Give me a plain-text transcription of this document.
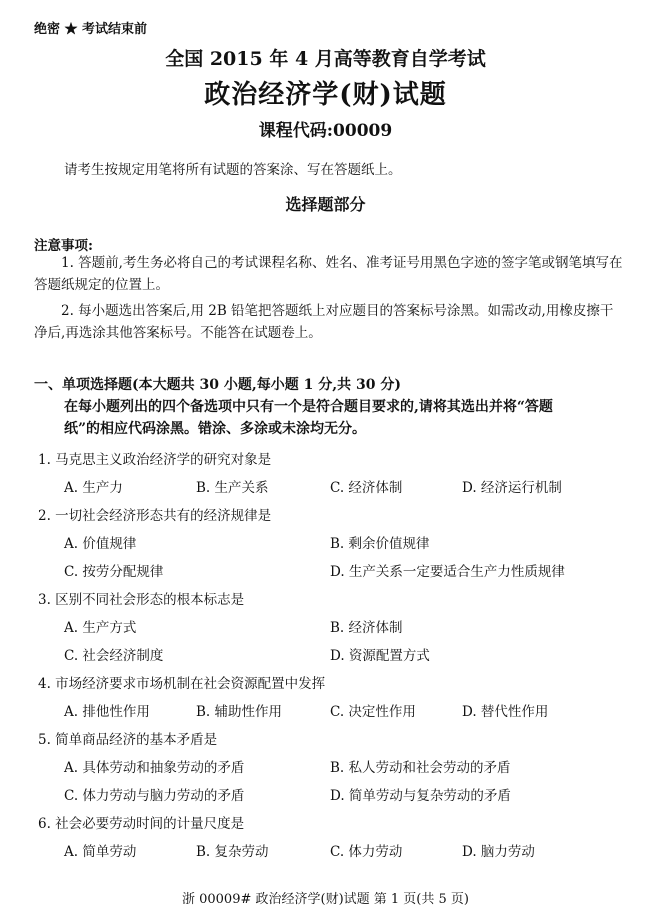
绝密 ★ 考试结束前
全国 2015 年 4 月高等教育自学考试
政治经济学(财)试题
课程代码:00009
请考生按规定用笔将所有试题的答案涂、写在答题纸上。
选择题部分
注意事项:
1. 答题前,考生务必将自己的考试课程名称、姓名、准考证号用黑色字迹的签字笔或钢笔填写在答题纸规定的位置上。
2. 每小题选出答案后,用 2B 铅笔把答题纸上对应题目的答案标号涂黑。如需改动,用橡皮擦干净后,再选涂其他答案标号。不能答在试题卷上。
一、单项选择题(本大题共 30 小题,每小题 1 分,共 30 分)
在每小题列出的四个备选项中只有一个是符合题目要求的,请将其选出并将“答题纸”的相应代码涂黑。错涂、多涂或未涂均无分。
1. 马克思主义政治经济学的研究对象是
A. 生产力	B. 生产关系	C. 经济体制	D. 经济运行机制
2. 一切社会经济形态共有的经济规律是
A. 价值规律	B. 剩余价值规律
C. 按劳分配规律	D. 生产关系一定要适合生产力性质规律
3. 区别不同社会形态的根本标志是
A. 生产方式	B. 经济体制
C. 社会经济制度	D. 资源配置方式
4. 市场经济要求市场机制在社会资源配置中发挥
A. 排他性作用	B. 辅助性作用	C. 决定性作用	D. 替代性作用
5. 简单商品经济的基本矛盾是
A. 具体劳动和抽象劳动的矛盾	B. 私人劳动和社会劳动的矛盾
C. 体力劳动与脑力劳动的矛盾	D. 简单劳动与复杂劳动的矛盾
6. 社会必要劳动时间的计量尺度是
A. 简单劳动	B. 复杂劳动	C. 体力劳动	D. 脑力劳动
浙 00009# 政治经济学(财)试题 第 1 页(共 5 页)
